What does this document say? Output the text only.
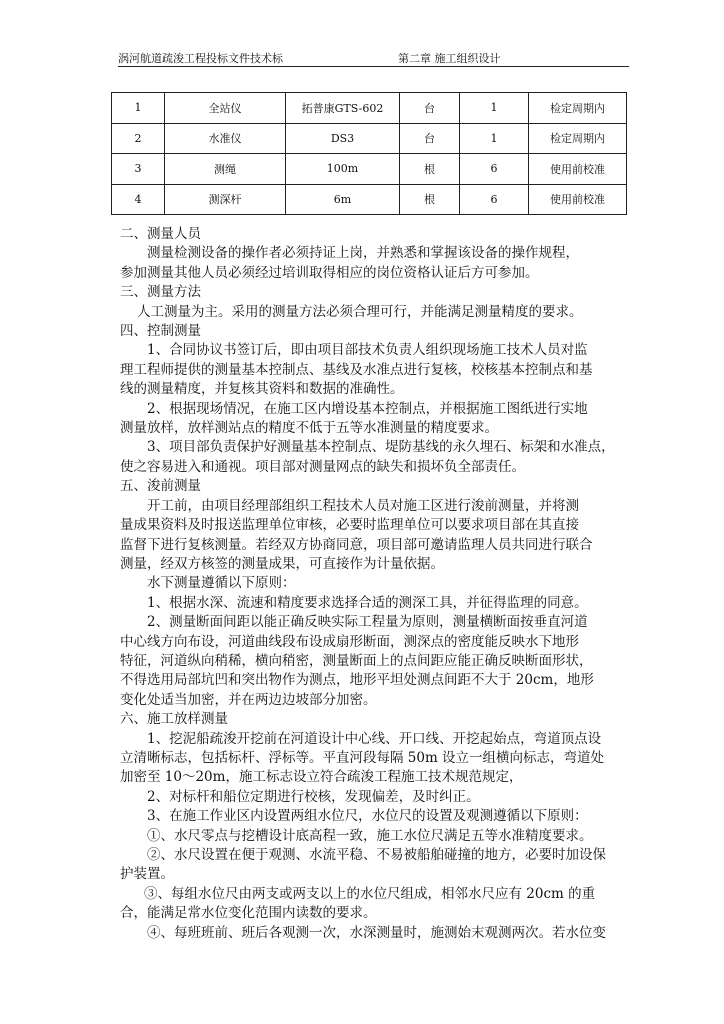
涡河航道疏浚工程投标文件技术标	第二章 施工组织设计
1	全站仪	拓普康GTS-602	台	1	检定周期内
2	水准仪	DS3	台	1	检定周期内
3	测绳	100m	根	6	使用前校准
4	测深杆	6m	根	6	使用前校准

二、测量人员

测量检测设备的操作者必须持证上岗，并熟悉和掌握该设备的操作规程，

参加测量其他人员必须经过培训取得相应的岗位资格认证后方可参加。

三、测量方法

人工测量为主。采用的测量方法必须合理可行，并能满足测量精度的要求。

四、控制测量

1、合同协议书签订后，即由项目部技术负责人组织现场施工技术人员对监

理工程师提供的测量基本控制点、基线及水准点进行复核，校核基本控制点和基

线的测量精度，并复核其资料和数据的准确性。

2、根据现场情况，在施工区内增设基本控制点，并根据施工图纸进行实地

测量放样，放样测站点的精度不低于五等水准测量的精度要求。

3、项目部负责保护好测量基本控制点、堤防基线的永久埋石、标架和水准点，

使之容易进入和通视。项目部对测量网点的缺失和损坏负全部责任。

五、浚前测量

开工前，由项目经理部组织工程技术人员对施工区进行浚前测量，并将测

量成果资料及时报送监理单位审核，必要时监理单位可以要求项目部在其直接

监督下进行复核测量。若经双方协商同意，项目部可邀请监理人员共同进行联合

测量，经双方核签的测量成果，可直接作为计量依据。

水下测量遵循以下原则：

1、根据水深、流速和精度要求选择合适的测深工具，并征得监理的同意。

2、测量断面间距以能正确反映实际工程量为原则，测量横断面按垂直河道

中心线方向布设，河道曲线段布设成扇形断面，测深点的密度能反映水下地形

特征，河道纵向稍稀，横向稍密，测量断面上的点间距应能正确反映断面形状，

不得选用局部坑凹和突出物作为测点，地形平坦处测点间距不大于 20cm，地形

变化处适当加密，并在两边边坡部分加密。

六、施工放样测量

1、挖泥船疏浚开挖前在河道设计中心线、开口线、开挖起始点，弯道顶点设

立清晰标志，包括标杆、浮标等。平直河段每隔 50m 设立一组横向标志，弯道处

加密至 10～20m，施工标志设立符合疏浚工程施工技术规范规定，

2、对标杆和船位定期进行校核，发现偏差，及时纠正。

3、在施工作业区内设置两组水位尺，水位尺的设置及观测遵循以下原则：

①、水尺零点与挖槽设计底高程一致，施工水位尺满足五等水准精度要求。

②、水尺设置在便于观测、水流平稳、不易被船舶碰撞的地方，必要时加设保

护装置。

③、每组水位尺由两支或两支以上的水位尺组成，相邻水尺应有 20cm 的重

合，能满足常水位变化范围内读数的要求。

④、每班班前、班后各观测一次，水深测量时，施测始末观测两次。若水位变
